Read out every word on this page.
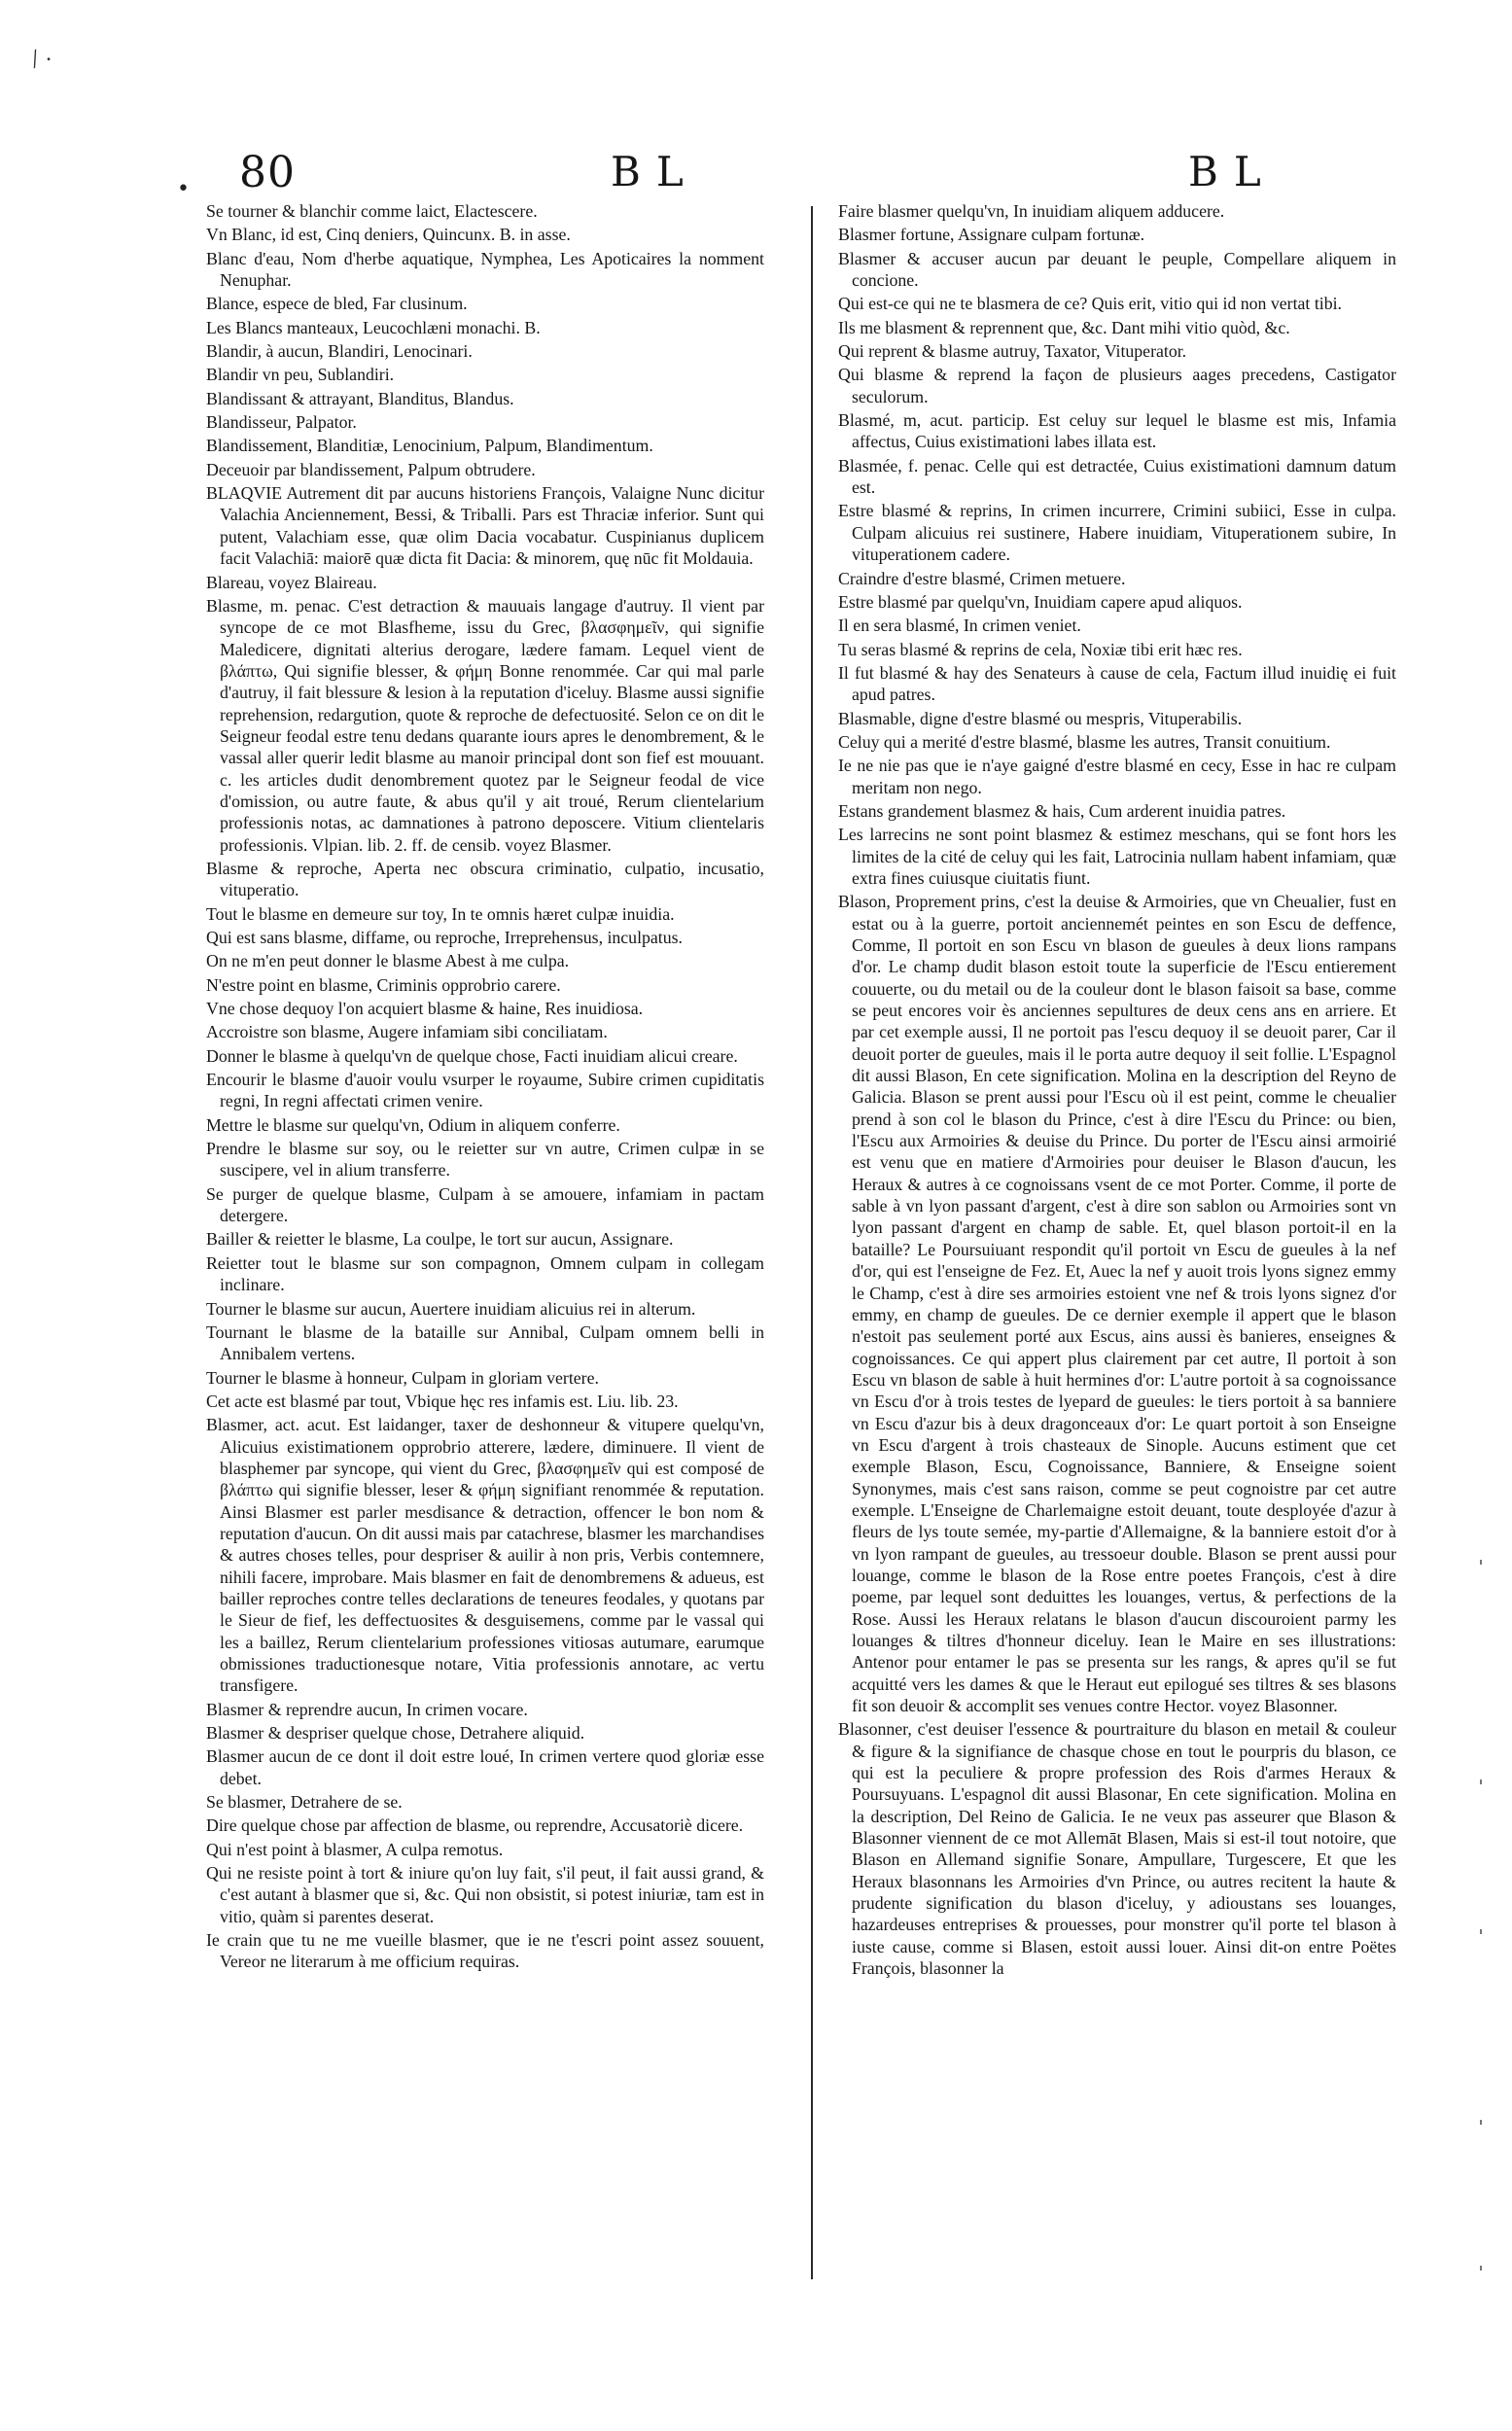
⁄ .
• 80	BL	BL

Se tourner & blanchir comme laict, Elactescere.

Vn Blanc, id est, Cinq deniers, Quincunx. B. in asse.

Blanc d'eau, Nom d'herbe aquatique, Nymphea, Les Apoticaires la nomment Nenuphar.

Blance, espece de bled, Far clusinum.

Les Blancs manteaux, Leucochlæni monachi. B.

Blandir, à aucun, Blandiri, Lenocinari.

Blandir vn peu, Sublandiri.

Blandissant & attrayant, Blanditus, Blandus.

Blandisseur, Palpator.

Blandissement, Blanditiæ, Lenocinium, Palpum, Blandimentum.

Deceuoir par blandissement, Palpum obtrudere.

BLAQVIE Autrement dit par aucuns historiens François, Valaigne Nunc dicitur Valachia Anciennement, Bessi, & Triballi. Pars est Thraciæ inferior. Sunt qui putent, Valachiam esse, quæ olim Dacia vocabatur. Cuspinianus duplicem facit Valachiā: maiorē quæ dicta fit Dacia: & minorem, quę nūc fit Moldauia.

Blareau, voyez Blaireau.

Blasme, m. penac. C'est detraction & mauuais langage d'autruy. Il vient par syncope de ce mot Blasfheme, issu du Grec, βλασφημεῖν, qui signifie Maledicere, dignitati alterius derogare, lædere famam. Lequel vient de βλάπτω, Qui signifie blesser, & φήμη Bonne renommée. Car qui mal parle d'autruy, il fait blessure & lesion à la reputation d'iceluy. Blasme aussi signifie reprehension, redargution, quote & reproche de defectuosité. Selon ce on dit le Seigneur feodal estre tenu dedans quarante iours apres le denombrement, & le vassal aller querir ledit blasme au manoir principal dont son fief est mouuant. c. les articles dudit denombrement quotez par le Seigneur feodal de vice d'omission, ou autre faute, & abus qu'il y ait troué, Rerum clientelarium professionis notas, ac damnationes à patrono deposcere. Vitium clientelaris professionis. Vlpian. lib. 2. ff. de censib. voyez Blasmer.

Blasme & reproche, Aperta nec obscura criminatio, culpatio, incusatio, vituperatio.

Tout le blasme en demeure sur toy, In te omnis hæret culpæ inuidia.

Qui est sans blasme, diffame, ou reproche, Irreprehensus, inculpatus.

On ne m'en peut donner le blasme Abest à me culpa.

N'estre point en blasme, Criminis opprobrio carere.

Vne chose dequoy l'on acquiert blasme & haine, Res inuidiosa.

Accroistre son blasme, Augere infamiam sibi conciliatam.

Donner le blasme à quelqu'vn de quelque chose, Facti inuidiam alicui creare.

Encourir le blasme d'auoir voulu vsurper le royaume, Subire crimen cupiditatis regni, In regni affectati crimen venire.

Mettre le blasme sur quelqu'vn, Odium in aliquem conferre.

Prendre le blasme sur soy, ou le reietter sur vn autre, Crimen culpæ in se suscipere, vel in alium transferre.

Se purger de quelque blasme, Culpam à se amouere, infamiam in pactam detergere.

Bailler & reietter le blasme, La coulpe, le tort sur aucun, Assignare.

Reietter tout le blasme sur son compagnon, Omnem culpam in collegam inclinare.

Tourner le blasme sur aucun, Auertere inuidiam alicuius rei in alterum.

Tournant le blasme de la bataille sur Annibal, Culpam omnem belli in Annibalem vertens.

Tourner le blasme à honneur, Culpam in gloriam vertere.

Cet acte est blasmé par tout, Vbique hęc res infamis est. Liu. lib. 23.

Blasmer, act. acut. Est laidanger, taxer de deshonneur & vitupere quelqu'vn, Alicuius existimationem opprobrio atterere, lædere, diminuere. Il vient de blasphemer par syncope, qui vient du Grec, βλασφημεῖν qui est composé de βλάπτω qui signifie blesser, leser & φήμη signifiant renommée & reputation. Ainsi Blasmer est parler mesdisance & detraction, offencer le bon nom & reputation d'aucun. On dit aussi mais par catachrese, blasmer les marchandises & autres choses telles, pour despriser & auilir à non pris, Verbis contemnere, nihili facere, improbare. Mais blasmer en fait de denombremens & adueus, est bailler reproches contre telles declarations de teneures feodales, y quotans par le Sieur de fief, les deffectuosites & desguisemens, comme par le vassal qui les a baillez, Rerum clientelarium professiones vitiosas autumare, earumque obmissiones traductionesque notare, Vitia professionis annotare, ac vertu transfigere.

Blasmer & reprendre aucun, In crimen vocare.

Blasmer & despriser quelque chose, Detrahere aliquid.

Blasmer aucun de ce dont il doit estre loué, In crimen vertere quod gloriæ esse debet.

Se blasmer, Detrahere de se.

Dire quelque chose par affection de blasme, ou reprendre, Accusatoriè dicere.

Qui n'est point à blasmer, A culpa remotus.

Qui ne resiste point à tort & iniure qu'on luy fait, s'il peut, il fait aussi grand, & c'est autant à blasmer que si, &c. Qui non obsistit, si potest iniuriæ, tam est in vitio, quàm si parentes deserat.

Ie crain que tu ne me vueille blasmer, que ie ne t'escri point assez souuent, Vereor ne literarum à me officium requiras.

Faire blasmer quelqu'vn, In inuidiam aliquem adducere.

Blasmer fortune, Assignare culpam fortunæ.

Blasmer & accuser aucun par deuant le peuple, Compellare aliquem in concione.

Qui est-ce qui ne te blasmera de ce? Quis erit, vitio qui id non vertat tibi.

Ils me blasment & reprennent que, &c. Dant mihi vitio quòd, &c.

Qui reprent & blasme autruy, Taxator, Vituperator.

Qui blasme & reprend la façon de plusieurs aages precedens, Castigator seculorum.

Blasmé, m, acut. particip. Est celuy sur lequel le blasme est mis, Infamia affectus, Cuius existimationi labes illata est.

Blasmée, f. penac. Celle qui est detractée, Cuius existimationi damnum datum est.

Estre blasmé & reprins, In crimen incurrere, Crimini subiici, Esse in culpa. Culpam alicuius rei sustinere, Habere inuidiam, Vituperationem subire, In vituperationem cadere.

Craindre d'estre blasmé, Crimen metuere.

Estre blasmé par quelqu'vn, Inuidiam capere apud aliquos.

Il en sera blasmé, In crimen veniet.

Tu seras blasmé & reprins de cela, Noxiæ tibi erit hæc res.

Il fut blasmé & hay des Senateurs à cause de cela, Factum illud inuidię ei fuit apud patres.

Blasmable, digne d'estre blasmé ou mespris, Vituperabilis.

Celuy qui a merité d'estre blasmé, blasme les autres, Transit conuitium.

Ie ne nie pas que ie n'aye gaigné d'estre blasmé en cecy, Esse in hac re culpam meritam non nego.

Estans grandement blasmez & hais, Cum arderent inuidia patres.

Les larrecins ne sont point blasmez & estimez meschans, qui se font hors les limites de la cité de celuy qui les fait, Latrocinia nullam habent infamiam, quæ extra fines cuiusque ciuitatis fiunt.

Blason, Proprement prins, c'est la deuise & Armoiries, que vn Cheualier, fust en estat ou à la guerre, portoit anciennemét peintes en son Escu de deffence, Comme, Il portoit en son Escu vn blason de gueules à deux lions rampans d'or. Le champ dudit blason estoit toute la superficie de l'Escu entierement couuerte, ou du metail ou de la couleur dont le blason faisoit sa base, comme se peut encores voir ès anciennes sepultures de deux cens ans en arriere. Et par cet exemple aussi, Il ne portoit pas l'escu dequoy il se deuoit parer, Car il deuoit porter de gueules, mais il le porta autre dequoy il seit follie. L'Espagnol dit aussi Blason, En cete signification. Molina en la description del Reyno de Galicia. Blason se prent aussi pour l'Escu où il est peint, comme le cheualier prend à son col le blason du Prince, c'est à dire l'Escu du Prince: ou bien, l'Escu aux Armoiries & deuise du Prince. Du porter de l'Escu ainsi armoirié est venu que en matiere d'Armoiries pour deuiser le Blason d'aucun, les Heraux & autres à ce cognoissans vsent de ce mot Porter. Comme, il porte de sable à vn lyon passant d'argent, c'est à dire son sablon ou Armoiries sont vn lyon passant d'argent en champ de sable. Et, quel blason portoit-il en la bataille? Le Poursuiuant respondit qu'il portoit vn Escu de gueules à la nef d'or, qui est l'enseigne de Fez. Et, Auec la nef y auoit trois lyons signez emmy le Champ, c'est à dire ses armoiries estoient vne nef & trois lyons signez d'or emmy, en champ de gueules. De ce dernier exemple il appert que le blason n'estoit pas seulement porté aux Escus, ains aussi ès banieres, enseignes & cognoissances. Ce qui appert plus clairement par cet autre, Il portoit à son Escu vn blason de sable à huit hermines d'or: L'autre portoit à sa cognoissance vn Escu d'or à trois testes de lyepard de gueules: le tiers portoit à sa banniere vn Escu d'azur bis à deux dragonceaux d'or: Le quart portoit à son Enseigne vn Escu d'argent à trois chasteaux de Sinople. Aucuns estiment que cet exemple Blason, Escu, Cognoissance, Banniere, & Enseigne soient Synonymes, mais c'est sans raison, comme se peut cognoistre par cet autre exemple. L'Enseigne de Charlemaigne estoit deuant, toute desployée d'azur à fleurs de lys toute semée, my-partie d'Allemaigne, & la banniere estoit d'or à vn lyon rampant de gueules, au tressoeur double. Blason se prent aussi pour louange, comme le blason de la Rose entre poetes François, c'est à dire poeme, par lequel sont deduittes les louanges, vertus, & perfections de la Rose. Aussi les Heraux relatans le blason d'aucun discouroient parmy les louanges & tiltres d'honneur diceluy. Iean le Maire en ses illustrations: Antenor pour entamer le pas se presenta sur les rangs, & apres qu'il se fut acquitté vers les dames & que le Heraut eut epilogué ses tiltres & ses blasons fit son deuoir & accomplit ses venues contre Hector. voyez Blasonner.

Blasonner, c'est deuiser l'essence & pourtraiture du blason en metail & couleur & figure & la signifiance de chasque chose en tout le pourpris du blason, ce qui est la peculiere & propre profession des Rois d'armes Heraux & Poursuyuans. L'espagnol dit aussi Blasonar, En cete signification. Molina en la description, Del Reino de Galicia. Ie ne veux pas asseurer que Blason & Blasonner viennent de ce mot Allemāt Blasen, Mais si est-il tout notoire, que Blason en Allemand signifie Sonare, Ampullare, Turgescere, Et que les Heraux blasonnans les Armoiries d'vn Prince, ou autres recitent la haute & prudente signification du blason d'iceluy, y adioustans ses louanges, hazardeuses entreprises & prouesses, pour monstrer qu'il porte tel blason à iuste cause, comme si Blasen, estoit aussi louer. Ainsi dit-on entre Poëtes François, blasonner la
